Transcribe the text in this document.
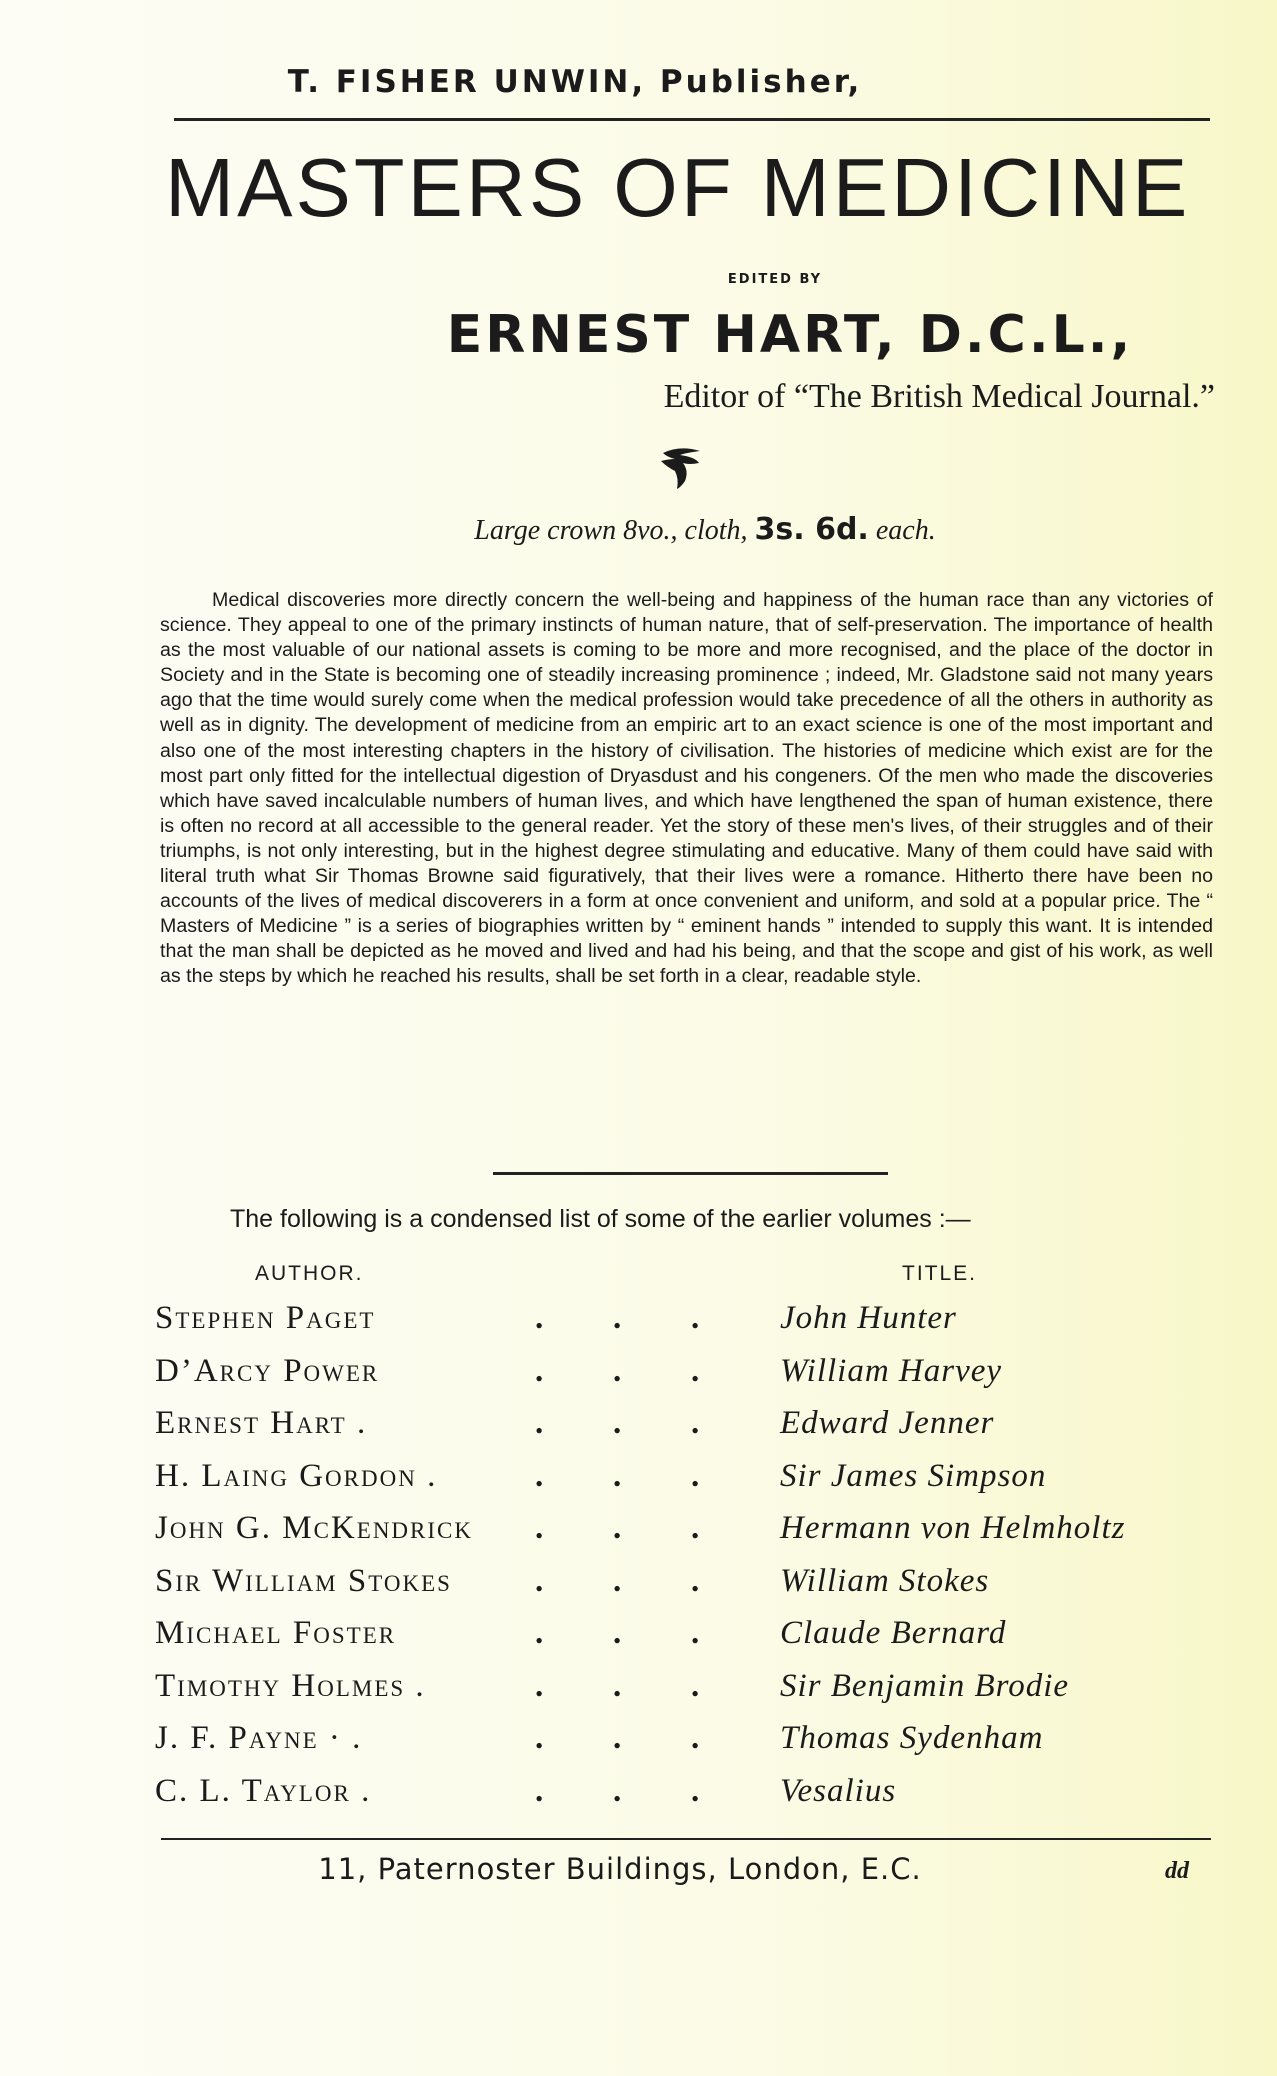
T. FISHER UNWIN, Publisher,
MASTERS OF MEDICINE
EDITED BY
ERNEST HART, D.C.L.,
Editor of “The British Medical Journal.”
Large crown 8vo., cloth, 3s. 6d. each.
Medical discoveries more directly concern the well-being and happiness of the human race than any victories of science. They appeal to one of the primary instincts of human nature, that of self-preservation. The importance of health as the most valuable of our national assets is coming to be more and more recognised, and the place of the doctor in Society and in the State is becoming one of steadily increasing prominence ; indeed, Mr. Gladstone said not many years ago that the time would surely come when the medical profession would take precedence of all the others in authority as well as in dignity. The development of medicine from an empiric art to an exact science is one of the most important and also one of the most interesting chapters in the history of civilisation. The histories of medicine which exist are for the most part only fitted for the intellectual digestion of Dryasdust and his congeners. Of the men who made the discoveries which have saved incalculable numbers of human lives, and which have lengthened the span of human existence, there is often no record at all accessible to the general reader. Yet the story of these men's lives, of their struggles and of their triumphs, is not only interesting, but in the highest degree stimulating and educative. Many of them could have said with literal truth what Sir Thomas Browne said figuratively, that their lives were a romance. Hitherto there have been no accounts of the lives of medical discoverers in a form at once convenient and uniform, and sold at a popular price. The “ Masters of Medicine ” is a series of biographies written by “ eminent hands ” intended to supply this want. It is intended that the man shall be depicted as he moved and lived and had his being, and that the scope and gist of his work, as well as the steps by which he reached his results, shall be set forth in a clear, readable style.
The following is a condensed list of some of the earlier volumes :—
AUTHOR.	TITLE.
Stephen Paget	. . . John Hunter
D’Arcy Power	. . . William Harvey
Ernest Hart .	. . . Edward Jenner
H. Laing Gordon .	. . . Sir James Simpson
John G. McKendrick . . . Hermann von Helmholtz
Sir William Stokes	. . . William Stokes
Michael Foster	. . . Claude Bernard
Timothy Holmes .	. . . Sir Benjamin Brodie
J. F. Payne · .	. . . Thomas Sydenham
C. L. Taylor .	. . . Vesalius
11, Paternoster Buildings, London, E.C.	dd
